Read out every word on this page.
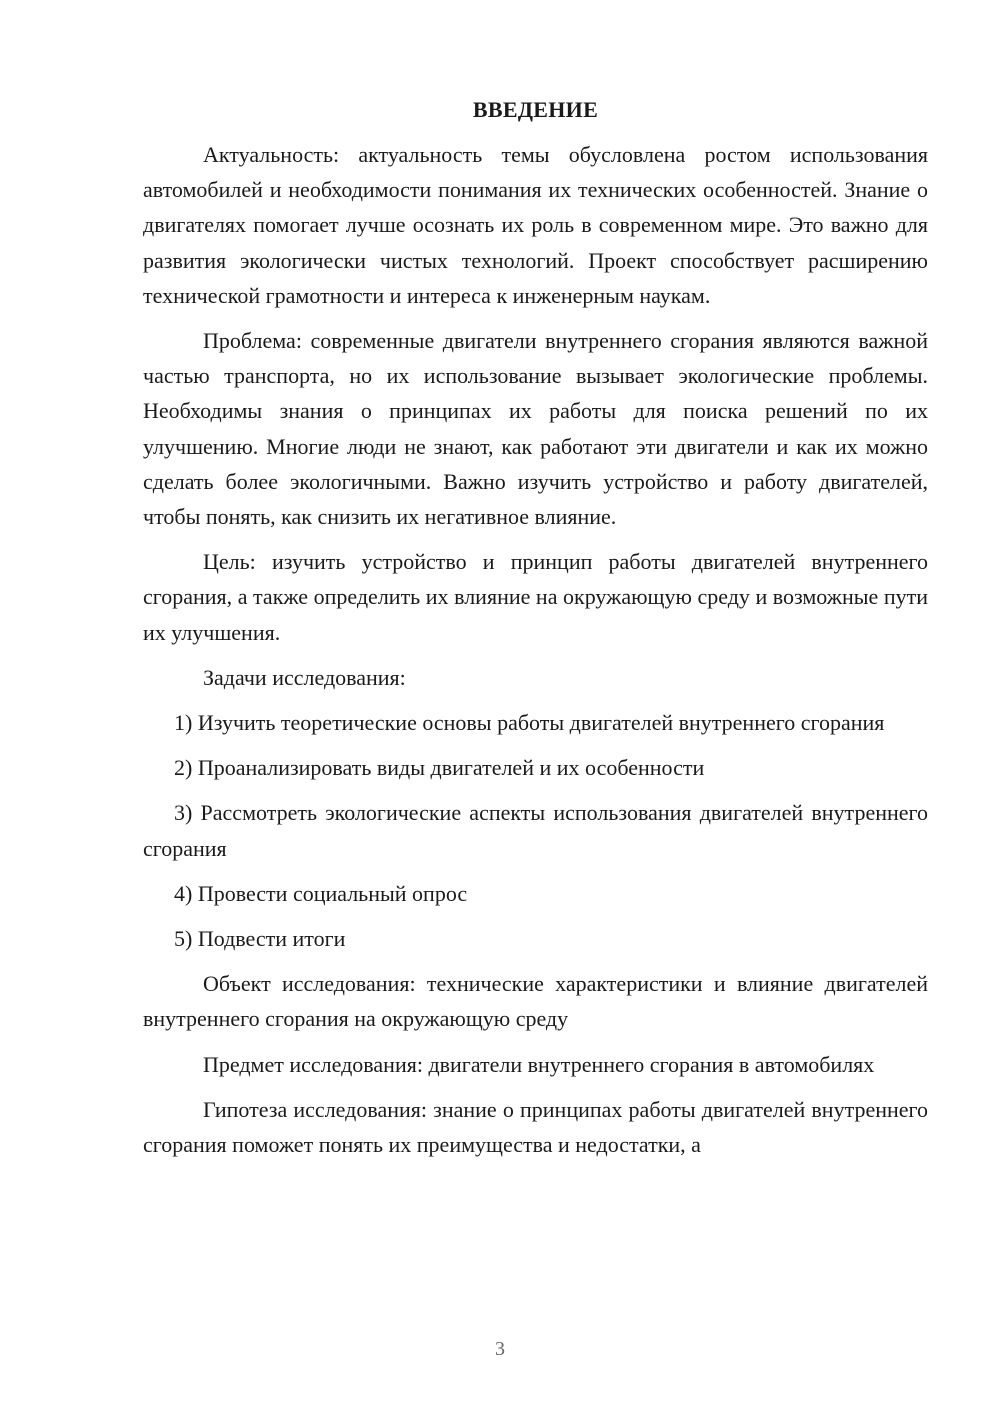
ВВЕДЕНИЕ

Актуальность: актуальность темы обусловлена ростом использования автомобилей и необходимости понимания их технических особенностей. Знание о двигателях помогает лучше осознать их роль в современном мире. Это важно для развития экологически чистых технологий. Проект способствует расширению технической грамотности и интереса к инженерным наукам.

Проблема: современные двигатели внутреннего сгорания являются важной частью транспорта, но их использование вызывает экологические проблемы. Необходимы знания о принципах их работы для поиска решений по их улучшению. Многие люди не знают, как работают эти двигатели и как их можно сделать более экологичными. Важно изучить устройство и работу двигателей, чтобы понять, как снизить их негативное влияние.

Цель: изучить устройство и принцип работы двигателей внутреннего сгорания, а также определить их влияние на окружающую среду и возможные пути их улучшения.

Задачи исследования:

1) Изучить теоретические основы работы двигателей внутреннего сгорания

2) Проанализировать виды двигателей и их особенности

3) Рассмотреть экологические аспекты использования двигателей внутреннего сгорания

4) Провести социальный опрос

5) Подвести итоги

Объект исследования: технические характеристики и влияние двигателей внутреннего сгорания на окружающую среду

Предмет исследования: двигатели внутреннего сгорания в автомобилях

Гипотеза исследования: знание о принципах работы двигателей внутреннего сгорания поможет понять их преимущества и недостатки, а

3
